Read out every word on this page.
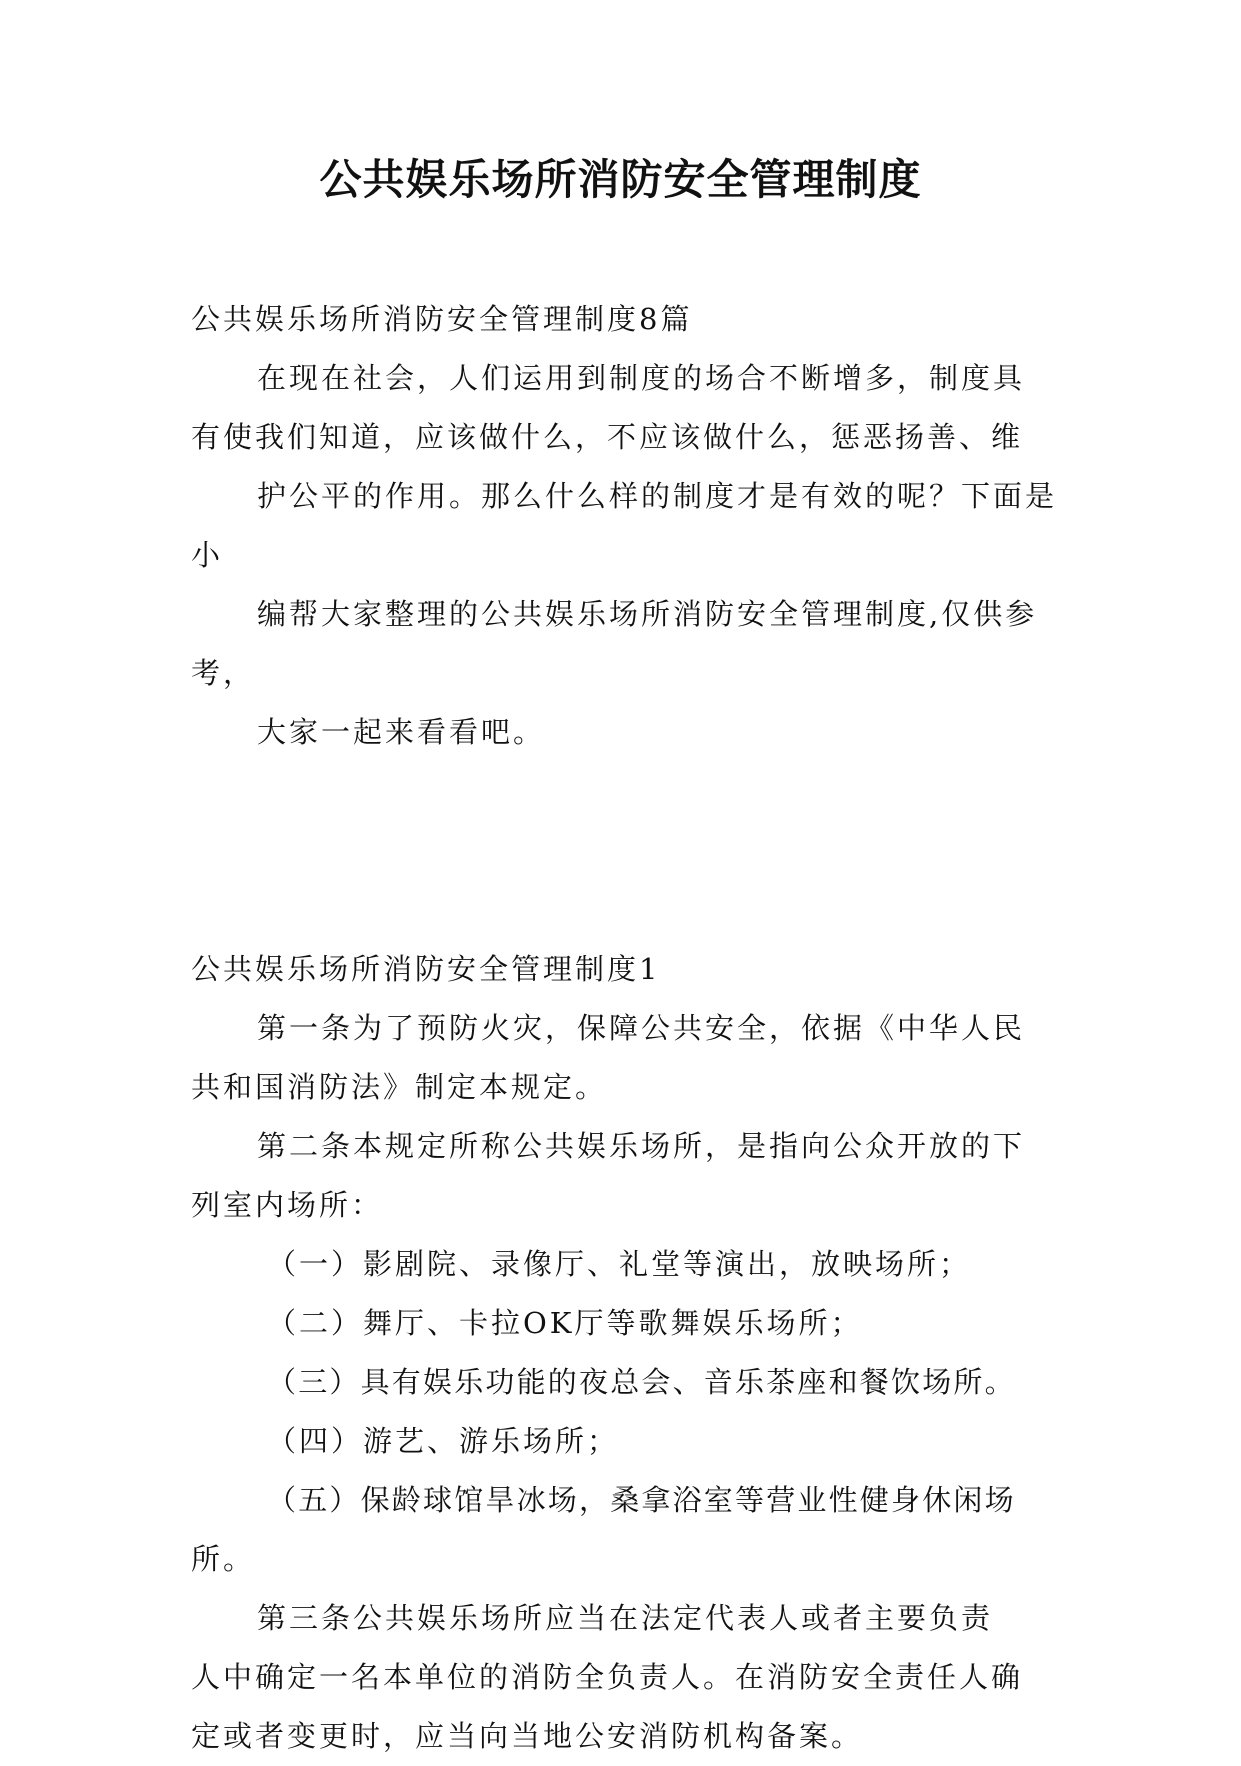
公共娱乐场所消防安全管理制度

公共娱乐场所消防安全管理制度8篇

在现在社会，人们运用到制度的场合不断增多，制度具
有使我们知道，应该做什么，不应该做什么，惩恶扬善、维
护公平的作用。那么什么样的制度才是有效的呢？下面是小
编帮大家整理的公共娱乐场所消防安全管理制度,仅供参考，
大家一起来看看吧。

公共娱乐场所消防安全管理制度1

第一条为了预防火灾，保障公共安全，依据《中华人民
共和国消防法》制定本规定。

第二条本规定所称公共娱乐场所，是指向公众开放的下
列室内场所：

（一）影剧院、录像厅、礼堂等演出，放映场所；

（二）舞厅、卡拉OK厅等歌舞娱乐场所；

（三）具有娱乐功能的夜总会、音乐茶座和餐饮场所。

（四）游艺、游乐场所；

（五）保龄球馆旱冰场，桑拿浴室等营业性健身休闲场
所。

第三条公共娱乐场所应当在法定代表人或者主要负责
人中确定一名本单位的消防全负责人。在消防安全责任人确
定或者变更时，应当向当地公安消防机构备案。
